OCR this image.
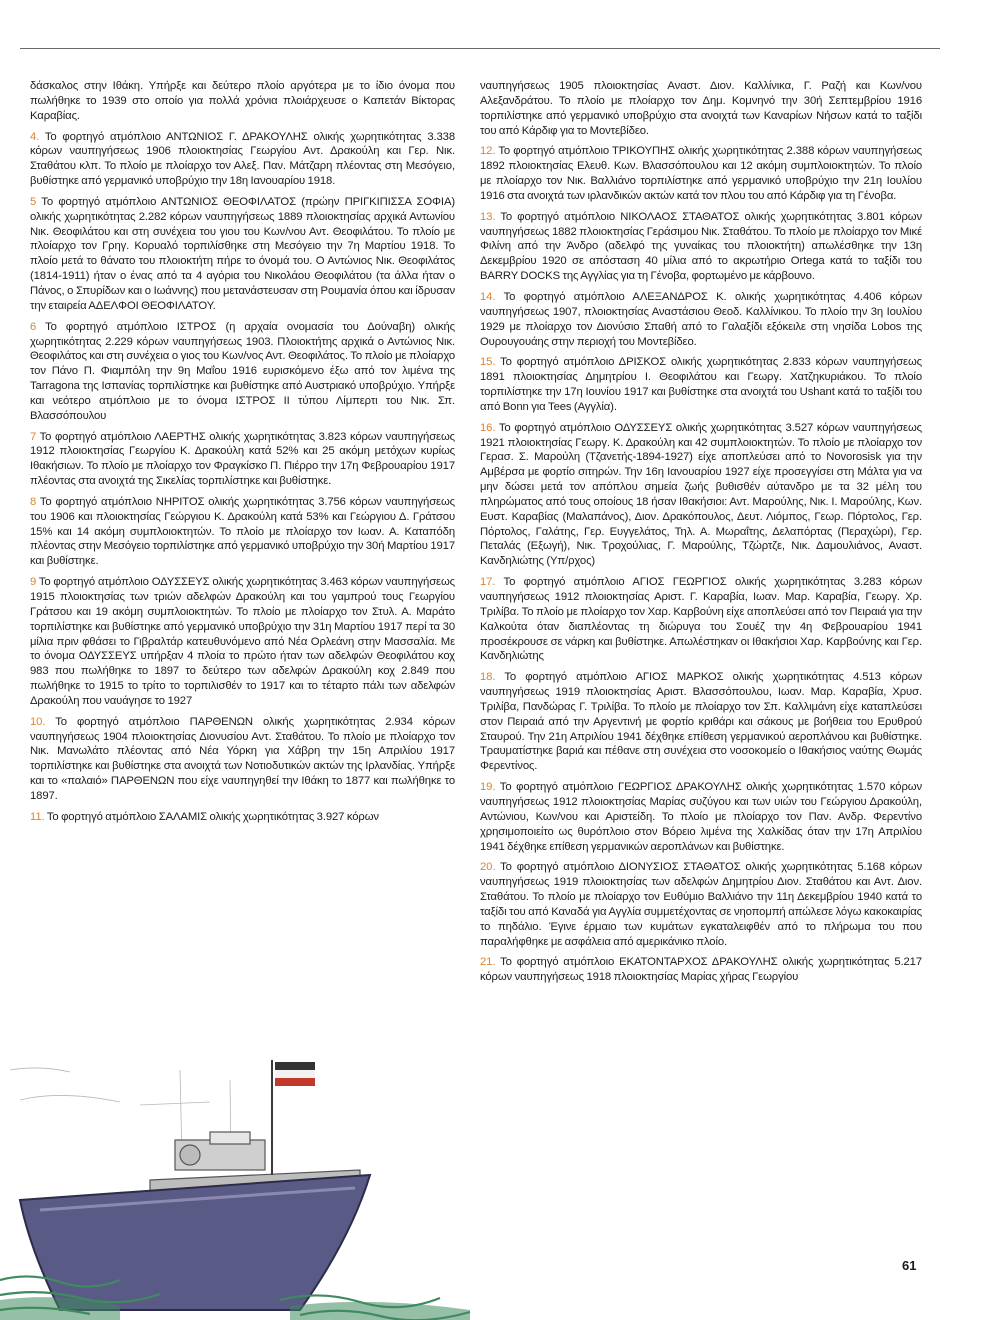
δάσκαλος στην Ιθάκη. Υπήρξε και δεύτερο πλοίο αργότερα με το ίδιο όνομα που πωλήθηκε το 1939 στο οποίο για πολλά χρόνια πλοιάρχευσε ο Καπετάν Βίκτορας Καραβίας.

4. Το φορτηγό ατμόπλοιο ΑΝΤΩΝΙΟΣ Γ. ΔΡΑΚΟΥΛΗΣ ολικής χωρητικότητας 3.338 κόρων ναυπηγήσεως 1906 πλοιοκτησίας Γεωργίου Αντ. Δρακούλη και Γερ. Νικ. Σταθάτου κλπ. Το πλοίο με πλοίαρχο τον Αλεξ. Παν. Μάτζαρη πλέοντας στη Μεσόγειο, βυθίστηκε από γερμανικό υποβρύχιο την 18η Ιανουαρίου 1918.

5 Το φορτηγό ατμόπλοιο ΑΝΤΩΝΙΟΣ ΘΕΟΦΙΛΑΤΟΣ (πρώην ΠΡΙΓΚΙΠΙΣΣΑ ΣΟΦΙΑ) ολικής χωρητικότητας 2.282 κόρων ναυπηγήσεως 1889 πλοιοκτησίας αρχικά Αντωνίου Νικ. Θεοφιλάτου και στη συνέχεια του γιου του Κων/νου Αντ. Θεοφιλάτου. Το πλοίο με πλοίαρχο τον Γρηγ. Κορυαλό τορπιλίσθηκε στη Μεσόγειο την 7η Μαρτίου 1918. Το πλοίο μετά το θάνατο του πλοιοκτήτη πήρε το όνομά του. Ο Αντώνιος Νικ. Θεοφιλάτος (1814-1911) ήταν ο ένας από τα 4 αγόρια του Νικολάου Θεοφιλάτου (τα άλλα ήταν ο Πάνος, ο Σπυρίδων και ο Ιωάννης) που μετανάστευσαν στη Ρουμανία όπου και ίδρυσαν την εταιρεία ΑΔΕΛΦΟΙ ΘΕΟΦΙΛΑΤΟΥ.

6 Το φορτηγό ατμόπλοιο ΙΣΤΡΟΣ (η αρχαία ονομασία του Δούναβη) ολικής χωρητικότητας 2.229 κόρων ναυπηγήσεως 1903. Πλοιοκτήτης αρχικά ο Αντώνιος Νικ. Θεοφιλάτος και στη συνέχεια ο γιος του Κων/νος Αντ. Θεοφιλάτος. Το πλοίο με πλοίαρχο τον Πάνο Π. Φιαμπόλη την 9η Μαΐου 1916 ευρισκόμενο έξω από τον λιμένα της Tarragona της Ισπανίας τορπιλίστηκε και βυθίστηκε από Αυστριακό υποβρύχιο. Υπήρξε και νεότερο ατμόπλοιο με το όνομα ΙΣΤΡΟΣ II τύπου Λίμπερτι του Νικ. Σπ. Βλασσόπουλου

7 Το φορτηγό ατμόπλοιο ΛΑΕΡΤΗΣ ολικής χωρητικότητας 3.823 κόρων ναυπηγήσεως 1912 πλοιοκτησίας Γεωργίου Κ. Δρακούλη κατά 52% και 25 ακόμη μετόχων κυρίως Ιθακήσιων. Το πλοίο με πλοίαρχο τον Φραγκίσκο Π. Πιέρρο την 17η Φεβρουαρίου 1917 πλέοντας στα ανοιχτά της Σικελίας τορπιλίστηκε και βυθίστηκε.

8 Το φορτηγό ατμόπλοιο ΝΗΡΙΤΟΣ ολικής χωρητικότητας 3.756 κόρων ναυπηγήσεως του 1906 και πλοιοκτησίας Γεώργιου Κ. Δρακούλη κατά 53% και Γεώργιου Δ. Γράτσου 15% και 14 ακόμη συμπλοιοκτητών. Το πλοίο με πλοίαρχο τον Ιωαν. Α. Καταπόδη πλέοντας στην Μεσόγειο τορπιλίστηκε από γερμανικό υποβρύχιο την 30ή Μαρτίου 1917 και βυθίστηκε.

9 Το φορτηγό ατμόπλοιο ΟΔΥΣΣΕΥΣ ολικής χωρητικότητας 3.463 κόρων ναυπηγήσεως 1915 πλοιοκτησίας των τριών αδελφών Δρακούλη και του γαμπρού τους Γεωργίου Γράτσου και 19 ακόμη συμπλοιοκτητών. Το πλοίο με πλοίαρχο τον Στυλ. Α. Μαράτο τορπιλίστηκε και βυθίστηκε από γερμανικό υποβρύχιο την 31η Μαρτίου 1917 περί τα 30 μίλια πριν φθάσει το Γιβραλτάρ κατευθυνόμενο από Νέα Ορλεάνη στην Μασσαλία. Με το όνομα ΟΔΥΣΣΕΥΣ υπήρξαν 4 πλοία το πρώτο ήταν των αδελφών Θεοφιλάτου κοχ 983 που πωλήθηκε το 1897 το δεύτερο των αδελφών Δρακούλη κοχ 2.849 που πωλήθηκε το 1915 το τρίτο το τορπιλισθέν το 1917 και το τέταρτο πάλι των αδελφών Δρακούλη που ναυάγησε το 1927

10. Το φορτηγό ατμόπλοιο ΠΑΡΘΕΝΩΝ ολικής χωρητικότητας 2.934 κόρων ναυπηγήσεως 1904 πλοιοκτησίας Διονυσίου Αντ. Σταθάτου. Το πλοίο με πλοίαρχο τον Νικ. Μανωλάτο πλέοντας από Νέα Υόρκη για Χάβρη την 15η Απριλίου 1917 τορπιλίστηκε και βυθίστηκε στα ανοιχτά των Νοτιοδυτικών ακτών της Ιρλανδίας. Υπήρξε και το «παλαιό» ΠΑΡΘΕΝΩΝ που είχε ναυπηγηθεί την Ιθάκη το 1877 και πωλήθηκε το 1897.

11. Το φορτηγό ατμόπλοιο ΣΑΛΑΜΙΣ ολικής χωρητικότητας 3.927 κόρων

ναυπηγήσεως 1905 πλοιοκτησίας Αναστ. Διον. Καλλίνικα, Γ. Ραζή και Κων/νου Αλεξανδράτου. Το πλοίο με πλοίαρχο τον Δημ. Κομνηνό την 30ή Σεπτεμβρίου 1916 τορπιλίστηκε από γερμανικό υποβρύχιο στα ανοιχτά των Καναρίων Νήσων κατά το ταξίδι του από Κάρδιφ για το Μοντεβίδεο.

12. Το φορτηγό ατμόπλοιο ΤΡΙΚΟΥΠΗΣ ολικής χωρητικότητας 2.388 κόρων ναυπηγήσεως 1892 πλοιοκτησίας Ελευθ. Κων. Βλασσόπουλου και 12 ακόμη συμπλοιοκτητών. Το πλοίο με πλοίαρχο τον Νικ. Βαλλιάνο τορπιλίστηκε από γερμανικό υποβρύχιο την 21η Ιουλίου 1916 στα ανοιχτά των ιρλανδικών ακτών κατά τον πλου του από Κάρδιφ για τη Γένοβα.

13. Το φορτηγό ατμόπλοιο ΝΙΚΟΛΑΟΣ ΣΤΑΘΑΤΟΣ ολικής χωρητικότητας 3.801 κόρων ναυπηγήσεως 1882 πλοιοκτησίας Γεράσιμου Νικ. Σταθάτου. Το πλοίο με πλοίαρχο τον Μικέ Φιλίνη από την Άνδρο (αδελφό της γυναίκας του πλοιοκτήτη) απωλέσθηκε την 13η Δεκεμβρίου 1920 σε απόσταση 40 μίλια από το ακρωτήριο Ortega κατά το ταξίδι του BARRY DOCKS της Αγγλίας για τη Γένοβα, φορτωμένο με κάρβουνο.

14. Το φορτηγό ατμόπλοιο ΑΛΕΞΑΝΔΡΟΣ Κ. ολικής χωρητικότητας 4.406 κόρων ναυπηγήσεως 1907, πλοιοκτησίας Αναστάσιου Θεοδ. Καλλίνικου. Το πλοίο την 3η Ιουλίου 1929 με πλοίαρχο τον Διονύσιο Σπαθή από το Γαλαξίδι εξόκειλε στη νησίδα Lobos της Ουρουγουάης στην περιοχή του Μοντεβίδεο.

15. Το φορτηγό ατμόπλοιο ΔΡΙΣΚΟΣ ολικής χωρητικότητας 2.833 κόρων ναυπηγήσεως 1891 πλοιοκτησίας Δημητρίου Ι. Θεοφιλάτου και Γεωργ. Χατζηκυριάκου. Το πλοίο τορπιλίστηκε την 17η Ιουνίου 1917 και βυθίστηκε στα ανοιχτά του Ushant κατά το ταξίδι του από Bonn για Tees (Αγγλία).

16. Το φορτηγό ατμόπλοιο ΟΔΥΣΣΕΥΣ ολικής χωρητικότητας 3.527 κόρων ναυπηγήσεως 1921 πλοιοκτησίας Γεωργ. Κ. Δρακούλη και 42 συμπλοιοκτητών. Το πλοίο με πλοίαρχο τον Γερασ. Σ. Μαρούλη (Τζανετής-1894-1927) είχε αποπλεύσει από το Novorosisk για την Αμβέρσα με φορτίο σιτηρών. Την 16η Ιανουαρίου 1927 είχε προσεγγίσει στη Μάλτα για να μην δώσει μετά τον απόπλου σημεία ζωής βυθισθέν αύτανδρο με τα 32 μέλη του πληρώματος από τους οποίους 18 ήσαν Ιθακήσιοι: Αντ. Μαρούλης, Νικ. Ι. Μαρούλης, Κων. Ευστ. Καραβίας (Μαλαπάνος), Διον. Δρακόπουλος, Δευτ. Λιόμπος, Γεωρ. Πόρτολος, Γερ. Πόρτολος, Γαλάτης, Γερ. Ευγγελάτος, Τηλ. Α. Μωραΐτης, Δελαπόρτας (Περαχώρι), Γερ. Πεταλάς (Εξωγή), Νικ. Τροχούλιας, Γ. Μαρούλης, Τζώρτζε, Νικ. Δαμουλιάνος, Αναστ. Κανδηλιώτης (Υπ/ρχος)

17. Το φορτηγό ατμόπλοιο ΑΓΙΟΣ ΓΕΩΡΓΙΟΣ ολικής χωρητικότητας 3.283 κόρων ναυπηγήσεως 1912 πλοιοκτησίας Αριστ. Γ. Καραβία, Ιωαν. Μαρ. Καραβία, Γεωργ. Χρ. Τριλίβα. Το πλοίο με πλοίαρχο τον Χαρ. Καρβούνη είχε αποπλεύσει από τον Πειραιά για την Καλκούτα όταν διαπλέοντας τη διώρυγα του Σουέζ την 4η Φεβρουαρίου 1941 προσέκρουσε σε νάρκη και βυθίστηκε. Απωλέστηκαν οι Ιθακήσιοι Χαρ. Καρβούνης και Γερ. Κανδηλιώτης

18. Το φορτηγό ατμόπλοιο ΑΓΙΟΣ ΜΑΡΚΟΣ ολικής χωρητικότητας 4.513 κόρων ναυπηγήσεως 1919 πλοιοκτησίας Αριστ. Βλασσόπουλου, Ιωαν. Μαρ. Καραβία, Χρυσ. Τριλίβα, Πανδώρας Γ. Τριλίβα. Το πλοίο με πλοίαρχο τον Σπ. Καλλιμάνη είχε καταπλεύσει στον Πειραιά από την Αργεντινή με φορτίο κριθάρι και σάκους με βοήθεια του Ερυθρού Σταυρού. Την 21η Απριλίου 1941 δέχθηκε επίθεση γερμανικού αεροπλάνου και βυθίστηκε. Τραυματίστηκε βαριά και πέθανε στη συνέχεια στο νοσοκομείο ο Ιθακήσιος ναύτης Θωμάς Φερεντίνος.

19. Το φορτηγό ατμόπλοιο ΓΕΩΡΓΙΟΣ ΔΡΑΚΟΥΛΗΣ ολικής χωρητικότητας 1.570 κόρων ναυπηγήσεως 1912 πλοιοκτησίας Μαρίας συζύγου και των υιών του Γεώργιου Δρακούλη, Αντώνιου, Κων/νου και Αριστείδη. Το πλοίο με πλοίαρχο τον Παν. Ανδρ. Φερεντίνο χρησιμοποιείτο ως θυρόπλοιο στον Βόρειο λιμένα της Χαλκίδας όταν την 17η Απριλίου 1941 δέχθηκε επίθεση γερμανικών αεροπλάνων και βυθίστηκε.

20. Το φορτηγό ατμόπλοιο ΔΙΟΝΥΣΙΟΣ ΣΤΑΘΑΤΟΣ ολικής χωρητικότητας 5.168 κόρων ναυπηγήσεως 1919 πλοιοκτησίας των αδελφών Δημητρίου Διον. Σταθάτου και Αντ. Διον. Σταθάτου. Το πλοίο με πλοίαρχο τον Ευθύμιο Βαλλιάνο την 11η Δεκεμβρίου 1940 κατά το ταξίδι του από Καναδά για Αγγλία συμμετέχοντας σε νηοπομπή απώλεσε λόγω κακοκαιρίας το πηδάλιο. Έγινε έρμαιο των κυμάτων εγκαταλειφθέν από το πλήρωμα του που παραλήφθηκε με ασφάλεια από αμερικάνικο πλοίο.

21. Το φορτηγό ατμόπλοιο ΕΚΑΤΟΝΤΑΡΧΟΣ ΔΡΑΚΟΥΛΗΣ ολικής χωρητικότητας 5.217 κόρων ναυπηγήσεως 1918 πλοιοκτησίας Μαρίας χήρας Γεωργίου

61
